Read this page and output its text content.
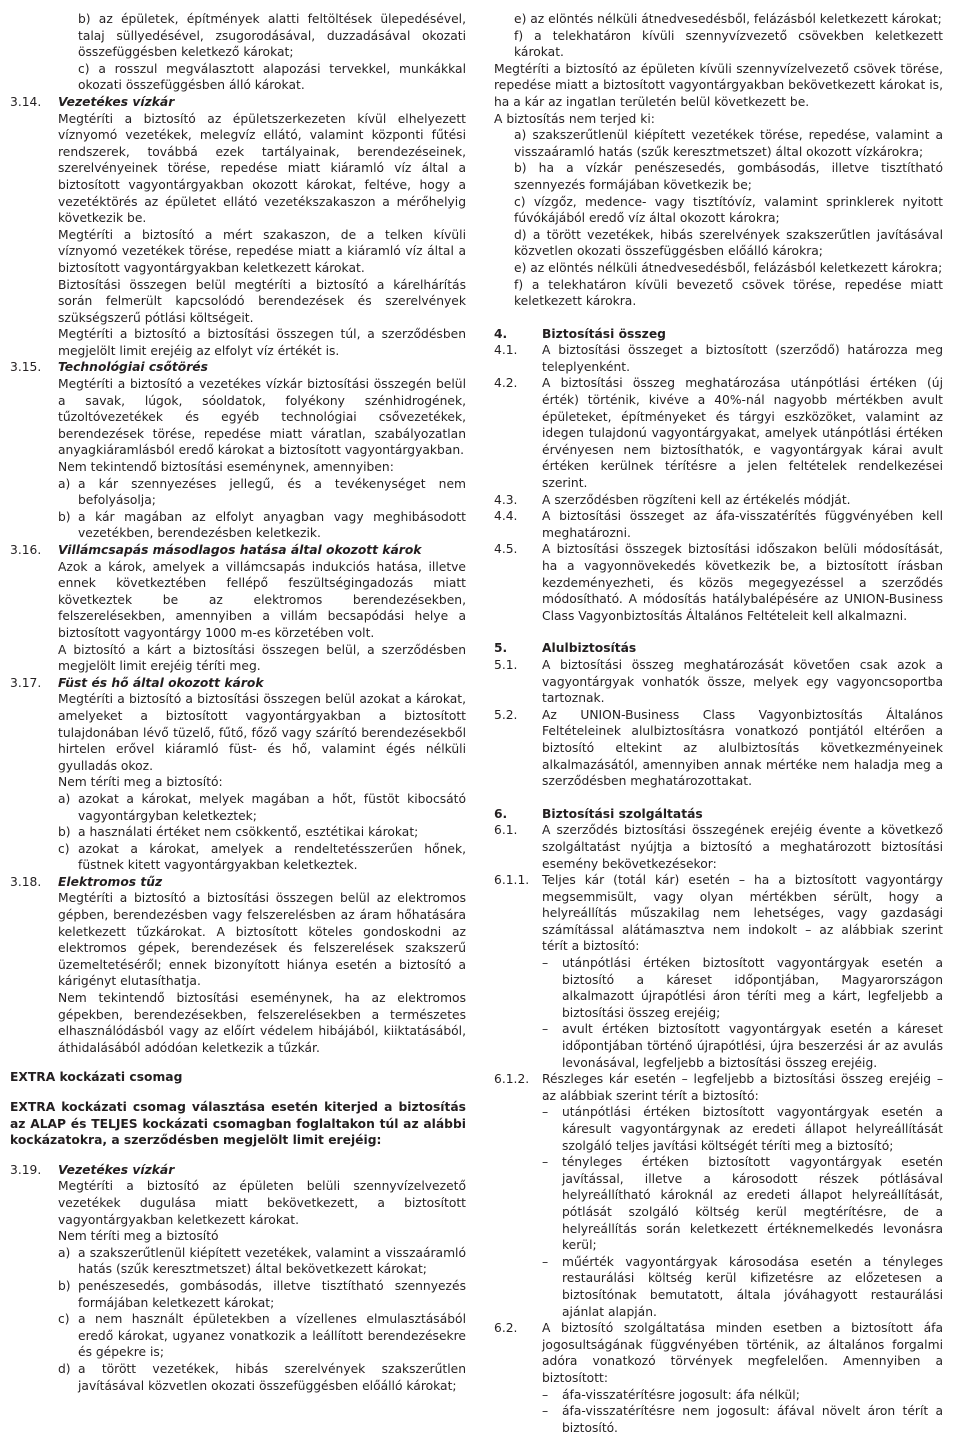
b) az épületek, építmények alatti feltöltések ülepedésével, talaj süllyedésével, zsugorodásával, duzzadásával okozati összefüggésben keletkező károkat;

c) a rosszul megválasztott alapozási tervekkel, munkákkal okozati összefüggésben álló károkat.

3.14. Vezetékes vízkár

Megtéríti a biztosító az épületszerkezeten kívül elhelyezett víznyomó vezetékek, melegvíz ellátó, valamint központi fűtési rendszerek, továbbá ezek tartályainak, berendezéseinek, szerelvényeinek törése, repedése miatt kiáramló víz által a biztosított vagyontárgyakban okozott károkat, feltéve, hogy a vezetéktörés az épületet ellátó vezetékszakaszon a mérőhelyig következik be.

Megtéríti a biztosító a mért szakaszon, de a telken kívüli víznyomó vezetékek törése, repedése miatt a kiáramló víz által a biztosított vagyontárgyakban keletkezett károkat.

Biztosítási összegen belül megtéríti a biztosító a kárelhárítás során felmerült kapcsolódó berendezések és szerelvények szükségszerű pótlási költségeit.

Megtéríti a biztosító a biztosítási összegen túl, a szerződésben megjelölt limit erejéig az elfolyt víz értékét is.

3.15. Technológiai csőtörés

Megtéríti a biztosító a vezetékes vízkár biztosítási összegén belül a savak, lúgok, sóoldatok, folyékony szénhidrogének, tűzoltóvezetékek és egyéb technológiai csővezetékek, berendezések törése, repedése miatt váratlan, szabályozatlan anyagkiáramlásból eredő károkat a biztosított vagyontárgyakban.

Nem tekintendő biztosítási eseménynek, amennyiben:

a) a kár szennyezéses jellegű, és a tevékenységet nem befolyásolja;

b) a kár magában az elfolyt anyagban vagy meghibásodott vezetékben, berendezésben keletkezik.

3.16. Villámcsapás másodlagos hatása által okozott károk

Azok a károk, amelyek a villámcsapás indukciós hatása, illetve ennek következtében fellépő feszültségingadozás miatt következtek be az elektromos berendezésekben, felszerelésekben, amennyiben a villám becsapódási helye a biztosított vagyontárgy 1000 m-es körzetében volt.

A biztosító a kárt a biztosítási összegen belül, a szerződésben megjelölt limit erejéig téríti meg.

3.17. Füst és hő által okozott károk

Megtéríti a biztosító a biztosítási összegen belül azokat a károkat, amelyeket a biztosított vagyontárgyakban a biztosított tulajdonában lévő tüzelő, fűtő, főző vagy szárító berendezésekből hirtelen erővel kiáramló füst- és hő, valamint égés nélküli gyulladás okoz.

Nem téríti meg a biztosító:

a) azokat a károkat, melyek magában a hőt, füstöt kibocsátó vagyontárgyban keletkeztek;

b) a használati értéket nem csökkentő, esztétikai károkat;

c) azokat a károkat, amelyek a rendeltetésszerűen hőnek, füstnek kitett vagyontárgyakban keletkeztek.

3.18. Elektromos tűz

Megtéríti a biztosító a biztosítási összegen belül az elektromos gépben, berendezésben vagy felszerelésben az áram hőhatására keletkezett tűzkárokat. A biztosított köteles gondoskodni az elektromos gépek, berendezések és felszerelések szakszerű üzemeltetéséről; ennek bizonyított hiánya esetén a biztosító a kárigényt elutasíthatja.

Nem tekintendő biztosítási eseménynek, ha az elektromos gépekben, berendezésekben, felszerelésekben a természetes elhasználódásból vagy az előírt védelem hibájából, kiiktatásából, áthidalásából adódóan keletkezik a tűzkár.

EXTRA kockázati csomag

EXTRA kockázati csomag választása esetén kiterjed a biztosítás az ALAP és TELJES kockázati csomagban foglaltakon túl az alábbi kockázatokra, a szerződésben megjelölt limit erejéig:

3.19. Vezetékes vízkár

Megtéríti a biztosító az épületen belüli szennyvízelvezető vezetékek dugulása miatt bekövetkezett, a biztosított vagyontárgyakban keletkezett károkat.

Nem téríti meg a biztosító

a) a szakszerűtlenül kiépített vezetékek, valamint a visszaáramló hatás (szűk keresztmetszet) által bekövetkezett károkat;

b) penészesedés, gombásodás, illetve tisztítható szennyezés formájában keletkezett károkat;

c) a nem használt épületekben a vízellenes elmulasztásából eredő károkat, ugyanez vonatkozik a leállított berendezésekre és gépekre is;

d) a törött vezetékek, hibás szerelvények szakszerűtlen javításával közvetlen okozati összefüggésben előálló károkat;

e) az elöntés nélküli átnedvesedésből, felázásból keletkezett károkat;

f) a telekhatáron kívüli szennyvízvezető csövekben keletkezett károkat.

Megtéríti a biztosító az épületen kívüli szennyvízelvezető csövek törése, repedése miatt a biztosított vagyontárgyakban bekövetkezett károkat is, ha a kár az ingatlan területén belül következett be.

A biztosítás nem terjed ki:

a) szakszerűtlenül kiépített vezetékek törése, repedése, valamint a visszaáramló hatás (szűk keresztmetszet) által okozott vízkárokra;

b) ha a vízkár penészesedés, gombásodás, illetve tisztítható szennyezés formájában következik be;

c) vízgőz, medence- vagy tisztítóvíz, valamint sprinklerek nyitott fúvókájából eredő víz által okozott károkra;

d) a törött vezetékek, hibás szerelvények szakszerűtlen javításával közvetlen okozati összefüggésben előálló károkra;

e) az elöntés nélküli átnedvesedésből, felázásból keletkezett károkra;

f) a telekhatáron kívüli bevezető csövek törése, repedése miatt keletkezett károkra.

4.	Biztosítási összeg

4.1. A biztosítási összeget a biztosított (szerződő) határozza meg teleplyenként.

4.2. A biztosítási összeg meghatározása utánpótlási értéken (új érték) történik, kivéve a 40%-nál nagyobb mértékben avult épületeket, építményeket és tárgyi eszközöket, valamint az idegen tulajdonú vagyontárgyakat, amelyek utánpótlási értéken érvényesen nem biztosíthatók, e vagyontárgyak kárai avult értéken kerülnek térítésre a jelen feltételek rendelkezései szerint.

4.3. A szerződésben rögzíteni kell az értékelés módját.

4.4. A biztosítási összeget az áfa-visszatérítés függvényében kell meghatározni.

4.5. A biztosítási összegek biztosítási időszakon belüli módosítását, ha a vagyonnövekedés következik be, a biztosított írásban kezdeményezheti, és közös megegyezéssel a szerződés módosítható. A módosítás hatálybalépésére az UNION-Business Class Vagyonbiztosítás Általános Feltételeit kell alkalmazni.

5.	Alulbiztosítás

5.1. A biztosítási összeg meghatározását követően csak azok a vagyontárgyak vonhatók össze, melyek egy vagyoncsoportba tartoznak.

5.2. Az UNION-Business Class Vagyonbiztosítás Általános Feltételeinek alulbiztosításra vonatkozó pontjától eltérően a biztosító eltekint az alulbiztosítás következményeinek alkalmazásától, amennyiben annak mértéke nem haladja meg a szerződésben meghatározottakat.

6.	Biztosítási szolgáltatás

6.1. A szerződés biztosítási összegének erejéig évente a következő szolgáltatást nyújtja a biztosító a meghatározott biztosítási esemény bekövetkezésekor:

6.1.1. Teljes kár (totál kár) esetén – ha a biztosított vagyontárgy megsemmisült, vagy olyan mértékben sérült, hogy a helyreállítás műszakilag nem lehetséges, vagy gazdasági számítással alátámasztva nem indokolt – az alábbiak szerint térít a biztosító:

– utánpótlási értéken biztosított vagyontárgyak esetén a biztosító a káreset időpontjában, Magyarországon alkalmazott újrapótlési áron téríti meg a kárt, legfeljebb a biztosítási összeg erejéig;

– avult értéken biztosított vagyontárgyak esetén a káreset időpontjában történő újrapótlési, újra beszerzési ár az avulás levonásával, legfeljebb a biztosítási összeg erejéig.

6.1.2. Részleges kár esetén – legfeljebb a biztosítási összeg erejéig – az alábbiak szerint térít a biztosító:

– utánpótlási értéken biztosított vagyontárgyak esetén a káresult vagyontárgynak az eredeti állapot helyreállítását szolgáló teljes javítási költségét téríti meg a biztosító;

– tényleges értéken biztosított vagyontárgyak esetén javítással, illetve a károsodott részek pótlásával helyreállítható károknál az eredeti állapot helyreállítását, pótlását szolgáló költség kerül megtérítésre, de a helyreállítás során keletkezett értéknemelkedés levonásra kerül;

– műérték vagyontárgyak károsodása esetén a tényleges restaurálási költség kerül kifizetésre az előzetesen a biztosítónak bemutatott, általa jóváhagyott restaurálási ajánlat alapján.

6.2. A biztosító szolgáltatása minden esetben a biztosított áfa jogosultságának függvényében történik, az általános forgalmi adóra vonatkozó törvények megfelelően. Amennyiben a biztosított:

– áfa-visszatérítésre jogosult: áfa nélkül;

– áfa-visszatérítésre nem jogosult: áfával növelt áron térít a biztosító.
